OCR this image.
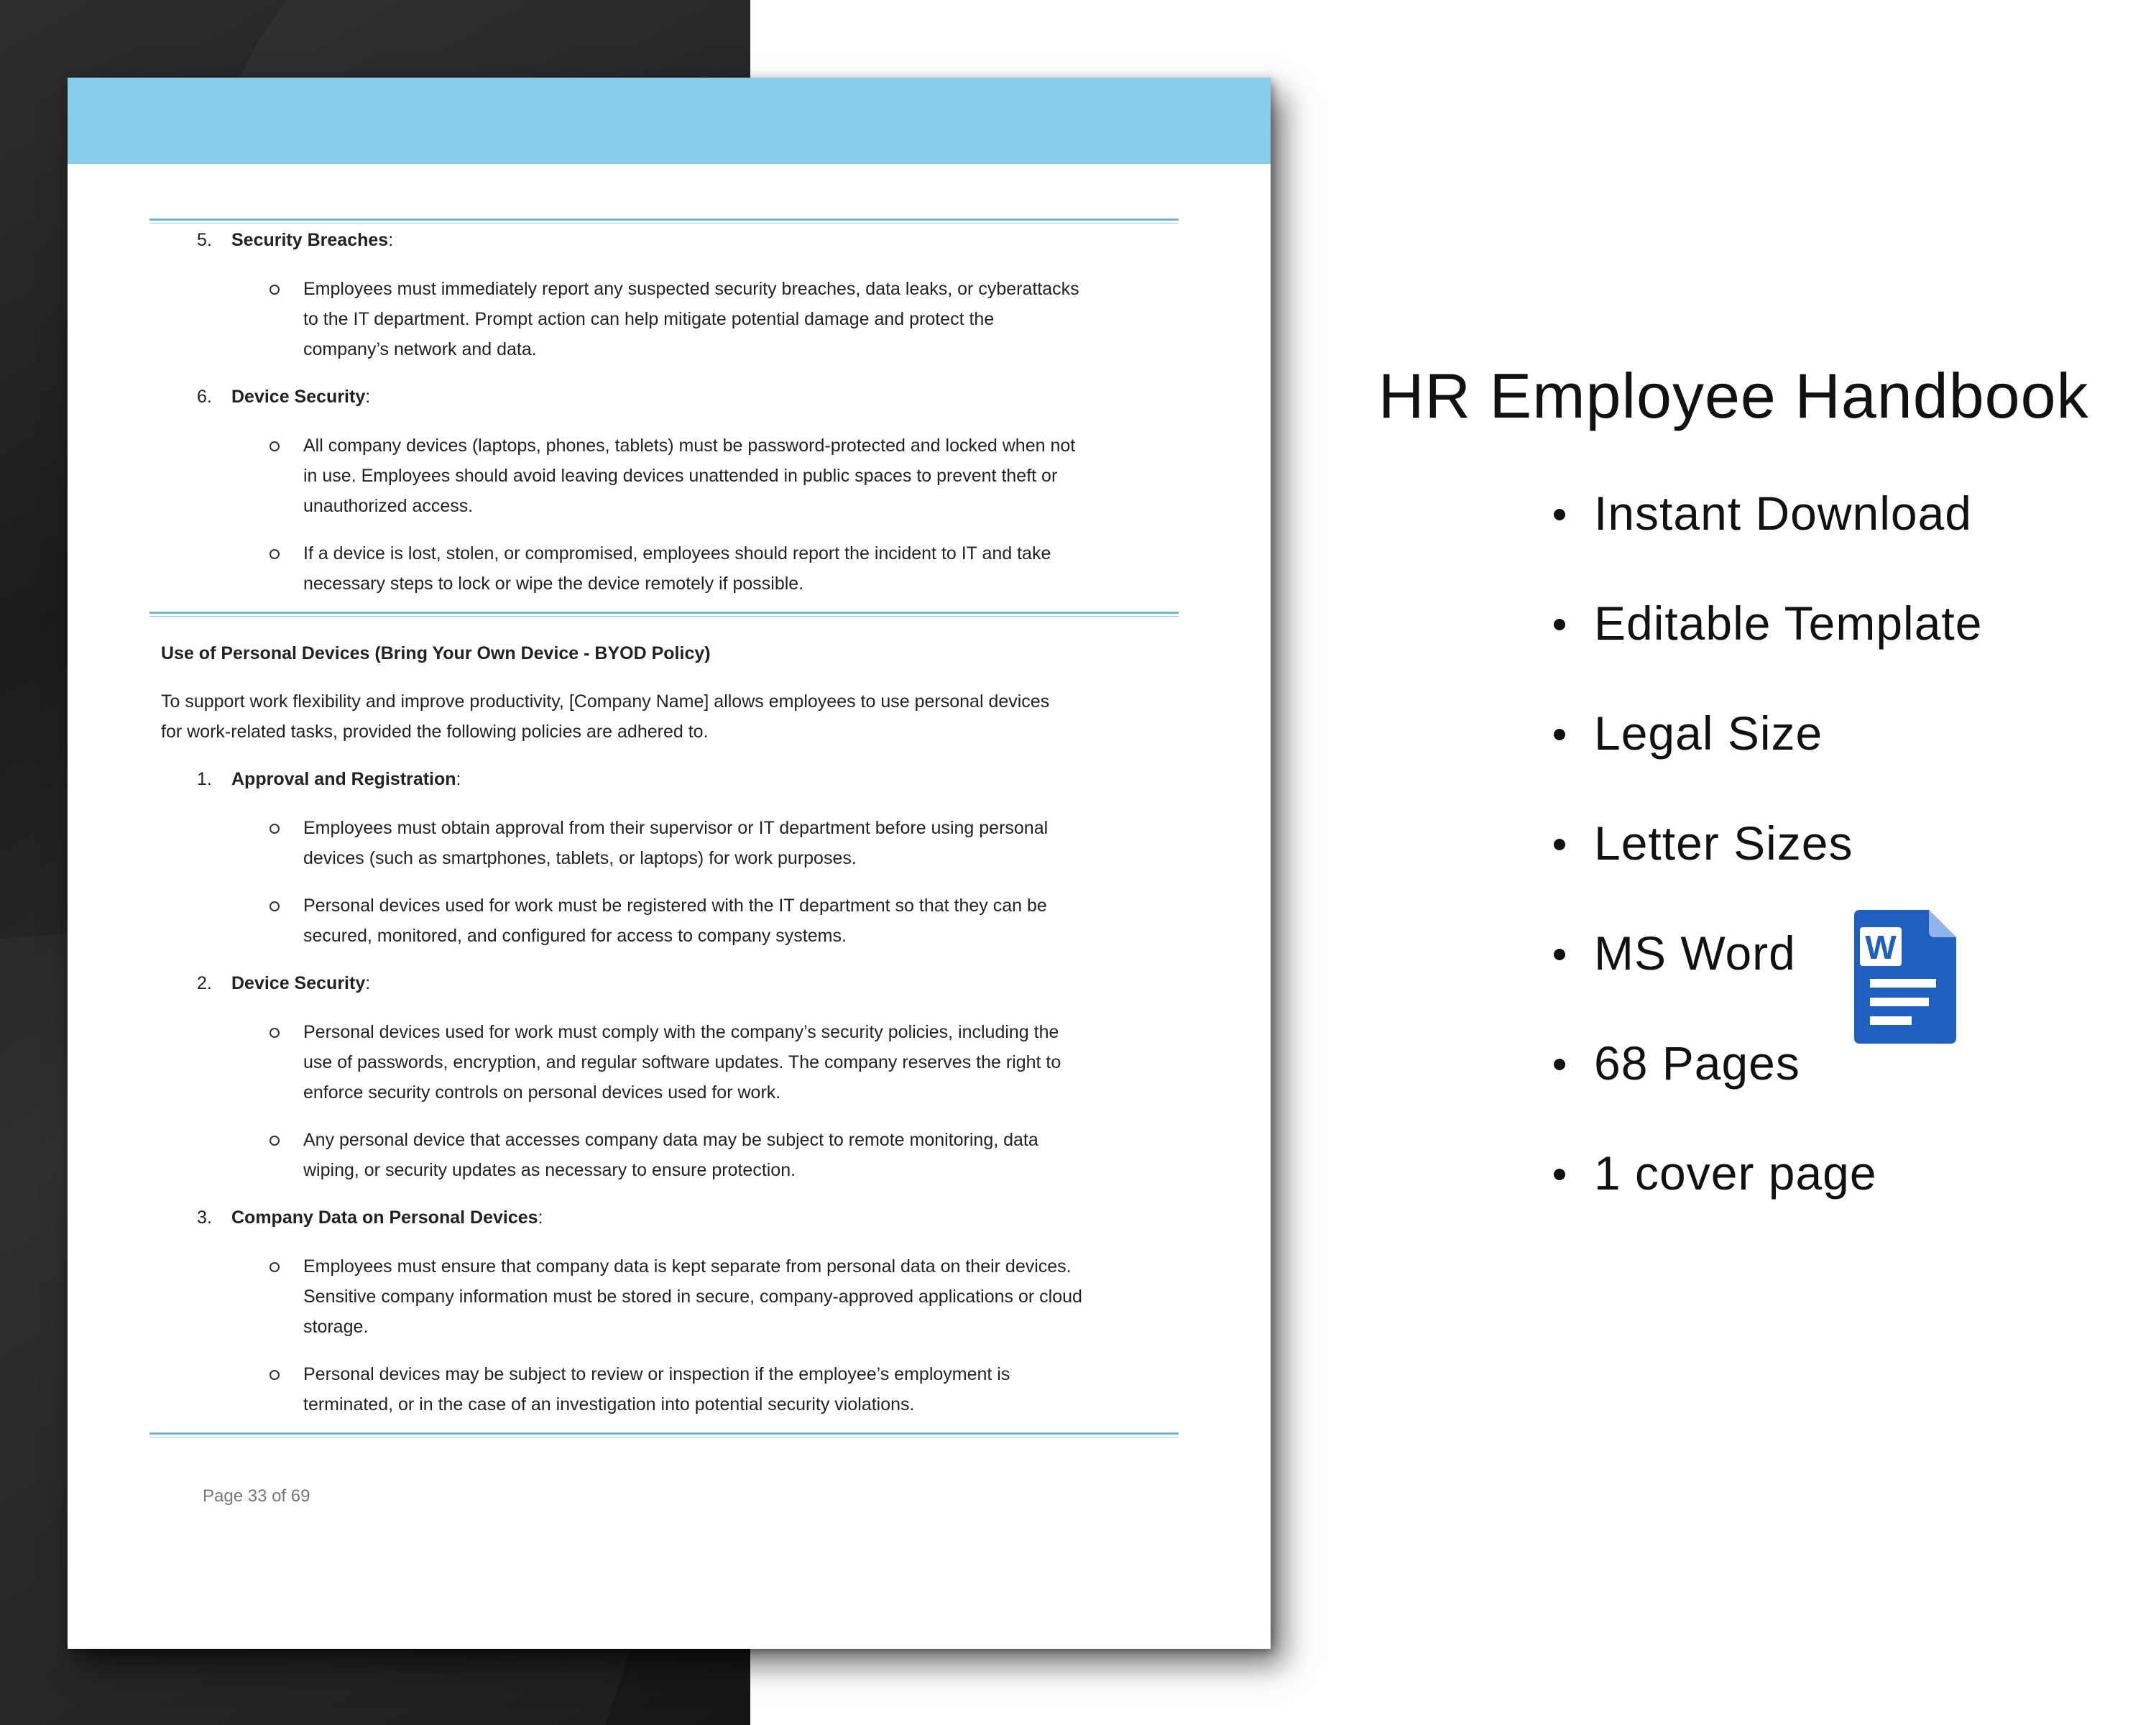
5. Security Breaches:
Employees must immediately report any suspected security breaches, data leaks, or cyberattacks
to the IT department. Prompt action can help mitigate potential damage and protect the
company’s network and data.
6. Device Security:
All company devices (laptops, phones, tablets) must be password-protected and locked when not
in use. Employees should avoid leaving devices unattended in public spaces to prevent theft or
unauthorized access.
If a device is lost, stolen, or compromised, employees should report the incident to IT and take
necessary steps to lock or wipe the device remotely if possible.
Use of Personal Devices (Bring Your Own Device - BYOD Policy)
To support work flexibility and improve productivity, [Company Name] allows employees to use personal devices
for work-related tasks, provided the following policies are adhered to.
1. Approval and Registration:
Employees must obtain approval from their supervisor or IT department before using personal
devices (such as smartphones, tablets, or laptops) for work purposes.
Personal devices used for work must be registered with the IT department so that they can be
secured, monitored, and configured for access to company systems.
2. Device Security:
Personal devices used for work must comply with the company’s security policies, including the
use of passwords, encryption, and regular software updates. The company reserves the right to
enforce security controls on personal devices used for work.
Any personal device that accesses company data may be subject to remote monitoring, data
wiping, or security updates as necessary to ensure protection.
3. Company Data on Personal Devices:
Employees must ensure that company data is kept separate from personal data on their devices.
Sensitive company information must be stored in secure, company-approved applications or cloud
storage.
Personal devices may be subject to review or inspection if the employee’s employment is
terminated, or in the case of an investigation into potential security violations.
Page 33 of 69
HR Employee Handbook
Instant Download
Editable Template
Legal Size
Letter Sizes
MS Word
68 Pages
1 cover page
W
